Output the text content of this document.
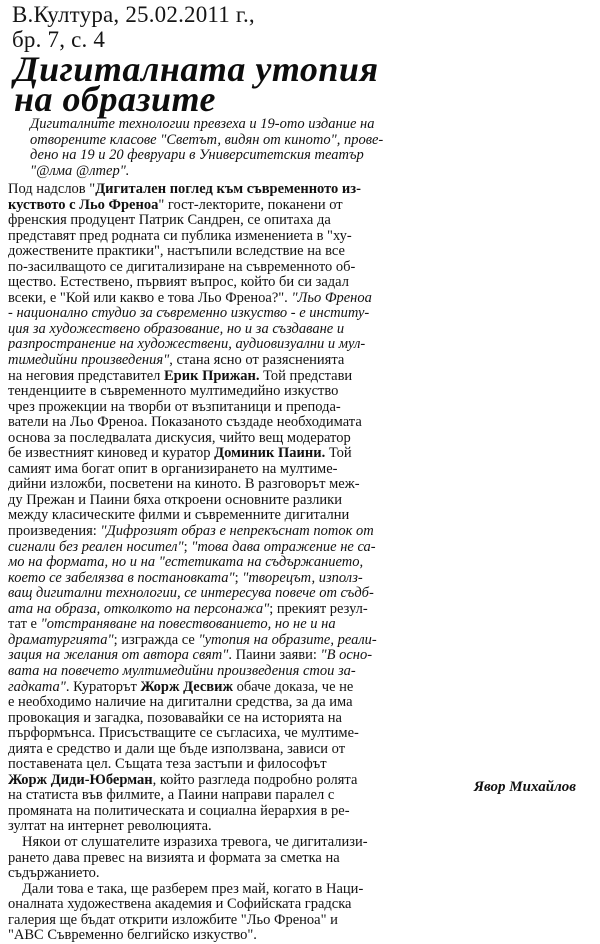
В.Култура, 25.02.2011 г.,
бр. 7, с. 4
Дигиталната утопия
на образите
Дигиталните технологии превзеха и 19-ото издание на
отворените класове "Светът, видян от киното", прове-
дено на 19 и 20 февруари в Университетския театър
"@лма @лтер".
Под надслов "Дигитален поглед към съвременното из-
куството с Льо Френоа" гост-лекторите, поканени от
френския продуцент Патрик Сандрен, се опитаха да
представят пред родната си публика изменениета в "ху-
дожествените практики", настъпили вследствие на все
по-засилващото се дигитализиране на съвременното об-
щество. Естествено, първият въпрос, който би си задал
всеки, е "Кой или какво е това Льо Френоа?". "Льо Френоа
- национално студио за съвременно изкуство - е институ-
ция за художествено образование, но и за създаване и
разпространение на художествени, аудиовизуални и мул-
тимедийни произведения", стана ясно от разясненията
на неговия представител Ерик Прижан. Той представи
тенденциите в съвременното мултимедийно изкуство
чрез прожекции на творби от възпитаници и препода-
ватели на Льо Френоа. Показаното създаде необходимата
основа за последвалата дискусия, чийто вещ модератор
бе известният киновед и куратор Доминик Паини. Той
самият има богат опит в организирането на мултиме-
дийни изложби, посветени на киното. В разговорът меж-
ду Прежан и Паини бяха откроени основните разлики
между класическите филми и съвременните дигитални
произведения: "Дифрозият образ е непрекъснат поток от
сигнали без реален носител"; "това дава отражение не са-
мо на формата, но и на "естетиката на съдържанието,
което се забелязва в постановката"; "творецът, използ-
ващ дигитални технологии, се интересува повече от съдб-
ата на образа, отколкото на персонажа"; прекият резул-
тат е "отстраняване на повествованието, но не и на
драматургията"; изгражда се "утопия на образите, реали-
зация на желания от автора свят". Паини заяви: "В осно-
вата на повечето мултимедийни произведения стои за-
гадката". Кураторът Жорж Десвиж обаче доказа, че не
е необходимо наличие на дигитални средства, за да има
провокация и загадка, позовавайки се на историята на
пърформънса. Присъстващите се съгласиха, че мултиме-
дията е средство и дали ще бъде използвана, зависи от
поставената цел. Същата теза застъпи и философът
Жорж Диди-Юберман, който разгледа подробно ролята
на статиста във филмите, а Паини направи паралел с
промяната на политическата и социална йерархия в ре-
зултат на интернет революцията.
Някои от слушателите изразиха тревога, че дигитализи-
рането дава превес на визията и формата за сметка на
съдържанието.
Дали това е така, ще разберем през май, когато в Наци-
оналната художествена академия и Софийската градска
галерия ще бъдат открити изложбите "Льо Френоа" и
"ABC Съвременно белгийско изкуство".
Явор Михайлов
